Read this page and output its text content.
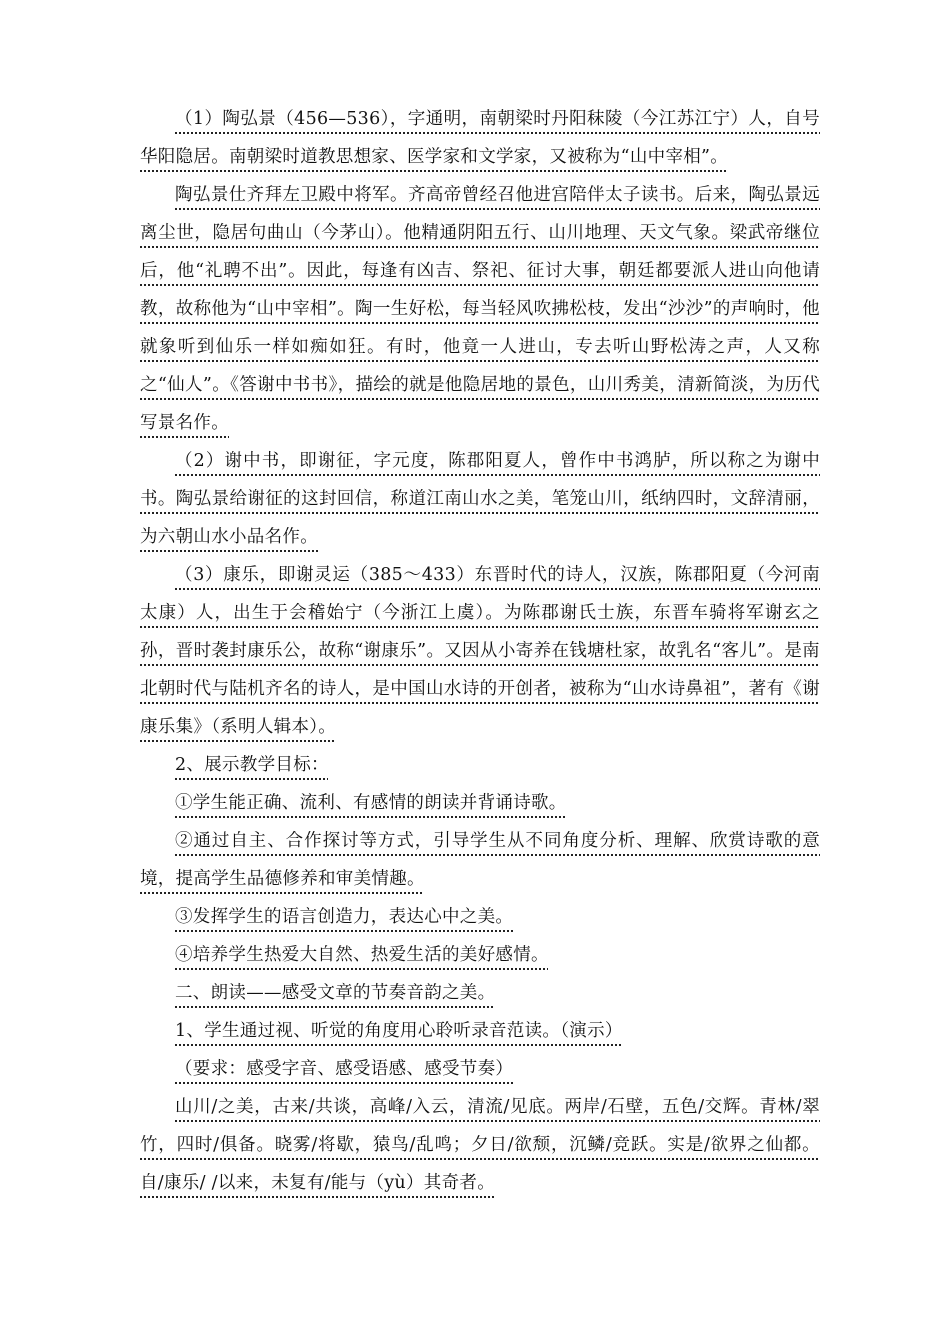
（1）陶弘景（456—536），字通明，南朝梁时丹阳秣陵（今江苏江宁）人，自号华阳隐居。南朝梁时道教思想家、医学家和文学家，又被称为“山中宰相”。

陶弘景仕齐拜左卫殿中将军。齐高帝曾经召他进宫陪伴太子读书。后来，陶弘景远离尘世，隐居句曲山（今茅山）。他精通阴阳五行、山川地理、天文气象。梁武帝继位后，他“礼聘不出”。因此，每逢有凶吉、祭祀、征讨大事，朝廷都要派人进山向他请教，故称他为“山中宰相”。陶一生好松，每当轻风吹拂松枝，发出“沙沙”的声响时，他就象听到仙乐一样如痴如狂。有时，他竟一人进山，专去听山野松涛之声，人又称之“仙人”。《答谢中书书》，描绘的就是他隐居地的景色，山川秀美，清新简淡，为历代写景名作。

（2）谢中书，即谢征，字元度，陈郡阳夏人，曾作中书鸿胪，所以称之为谢中书。陶弘景给谢征的这封回信，称道江南山水之美，笔笼山川，纸纳四时，文辞清丽，为六朝山水小品名作。

（3）康乐，即谢灵运（385～433）东晋时代的诗人，汉族，陈郡阳夏（今河南太康）人，出生于会稽始宁（今浙江上虞）。为陈郡谢氏士族，东晋车骑将军谢玄之孙，晋时袭封康乐公，故称“谢康乐”。又因从小寄养在钱塘杜家，故乳名“客儿”。是南北朝时代与陆机齐名的诗人，是中国山水诗的开创者，被称为“山水诗鼻祖”，著有《谢康乐集》（系明人辑本）。

2、展示教学目标：

①学生能正确、流利、有感情的朗读并背诵诗歌。

②通过自主、合作探讨等方式，引导学生从不同角度分析、理解、欣赏诗歌的意境，提高学生品德修养和审美情趣。

③发挥学生的语言创造力，表达心中之美。

④培养学生热爱大自然、热爱生活的美好感情。

二、朗读——感受文章的节奏音韵之美。

1、学生通过视、听觉的角度用心聆听录音范读。（演示）

（要求：感受字音、感受语感、感受节奏）

山川/之美，古来/共谈，高峰/入云，清流/见底。两岸/石壁，五色/交辉。青林/翠竹，四时/俱备。晓雾/将歇，猿鸟/乱鸣；夕日/欲颓，沉鳞/竞跃。实是/欲界之仙都。自/康乐/ /以来，未复有/能与（yù）其奇者。
